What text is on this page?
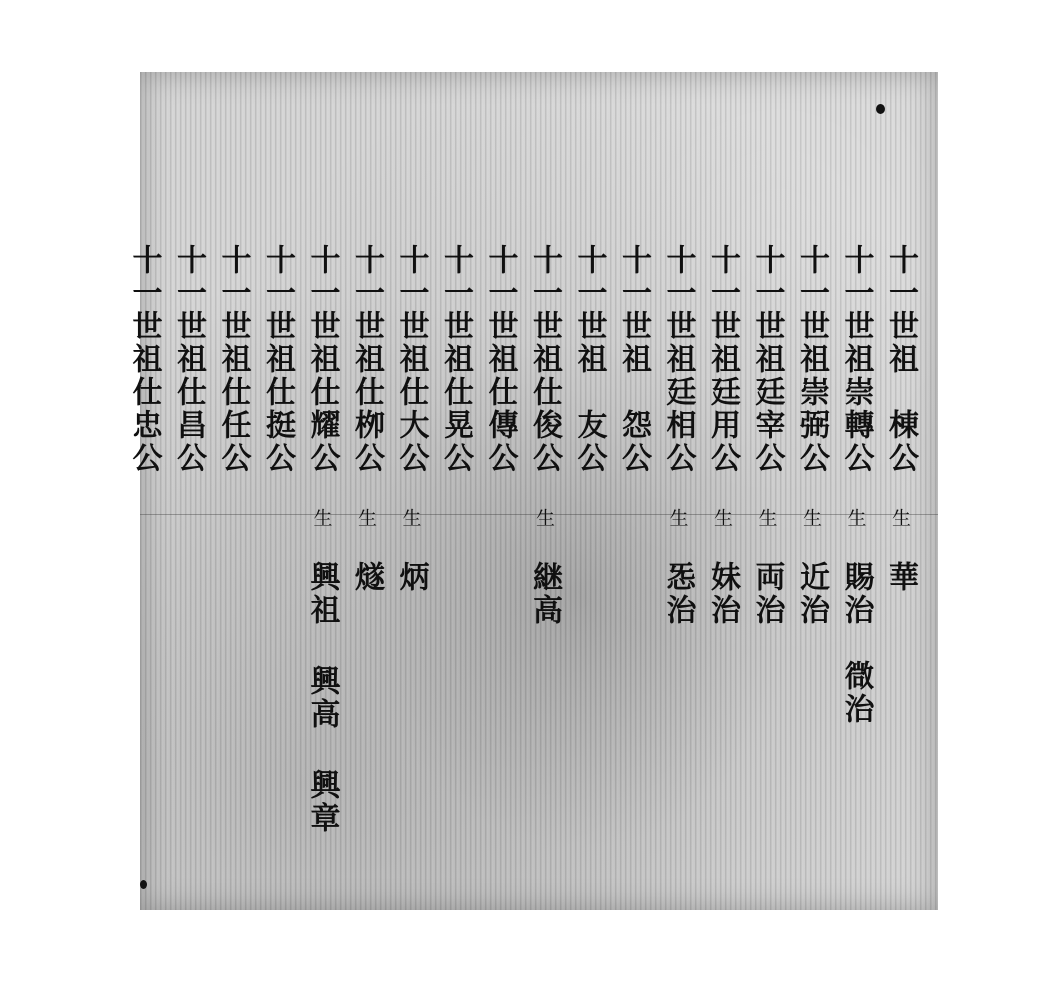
十一世祖　棟公　生　華
十一世祖崇轉公　生　賜治　㣲治
十一世祖崇弼公　生　近治
十一世祖廷宰公　生　両治
十一世祖廷用公　生　妹治
十一世祖廷相公　生　㤅治
十一世祖　怨公
十一世祖　友公
十一世祖仕俊公　生　継高
十一世祖仕傳公
十一世祖仕晃公
十一世祖仕大公　生　炳
十一世祖仕栁公　生　燧
十一世祖仕耀公　生　興祖 興高 興章
十一世祖仕挺公
十一世祖仕任公
十一世祖仕昌公
十一世祖仕忠公
